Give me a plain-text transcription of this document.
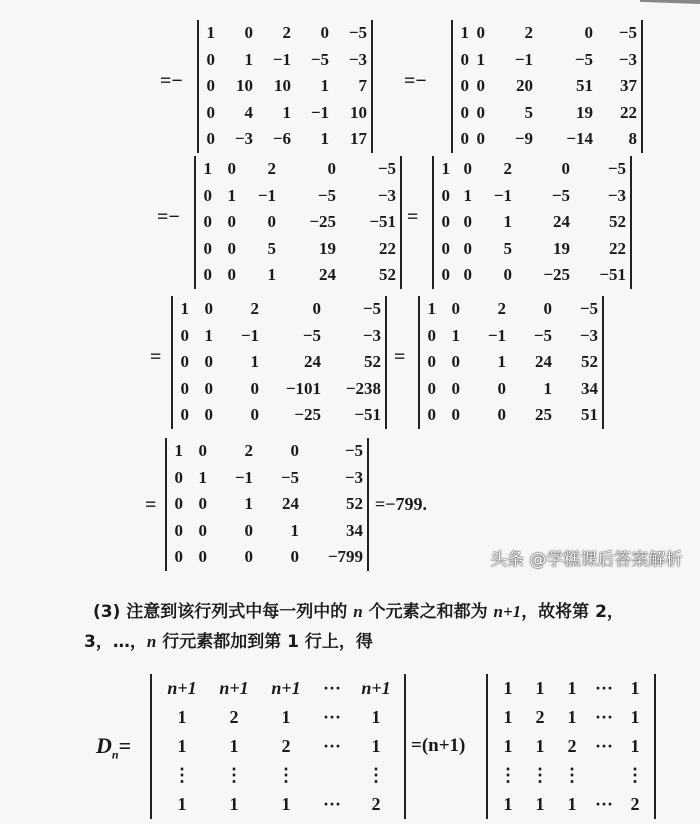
=−
1	0	2	0	−5
0	1	−1	−5	−3
0	10	10	1	7
0	4	1	−1	10
0	−3	−6	1	17
=−
1 0	2	0	−5
0 1	−1	−5	−3
0 0	20	51	37
0 0	5	19	22
0 0	−9	−14	8
=−
1 0	2	0	−5
0 1	−1	−5	−3
0 0	0	−25	−51
0 0	5	19	22
0 0	1	24	52
=
1 0	2	0	−5
0 1	−1	−5	−3
0 0	1	24	52
0 0	5	19	22
0 0	0	−25	−51
=
1 0	2	0	−5
0 1	−1	−5	−3
0 0	1	24	52
0 0	0	−101	−238
0 0	0	−25	−51
=
1 0	2	0	−5
0 1	−1	−5	−3
0 0	1	24	52
0 0	0	1	34
0 0	0	25	51
=
1 0	2	0	−5
0 1	−1	−5	−3
0 0	1	24	52
0 0	0	1	34
0 0	0	0	−799
=−799.
(3) 注意到该行列式中每一列中的 n 个元素之和都为 n+1，故将第 2，
3，…，n 行元素都加到第 1 行上，得
$D_n=$
n+1	n+1	n+1	···	n+1
1	2	1	···	1
1	1	2	···	1
⋮	⋮	⋮	⋮
1	1	1	···	2
=(n+1)
1	1	1	··· 1
1	2	1	··· 1
1	1	2	··· 1
⋮ ⋮ ⋮	⋮
1	1	1	··· 2
头条 @学糕课后答案解析
